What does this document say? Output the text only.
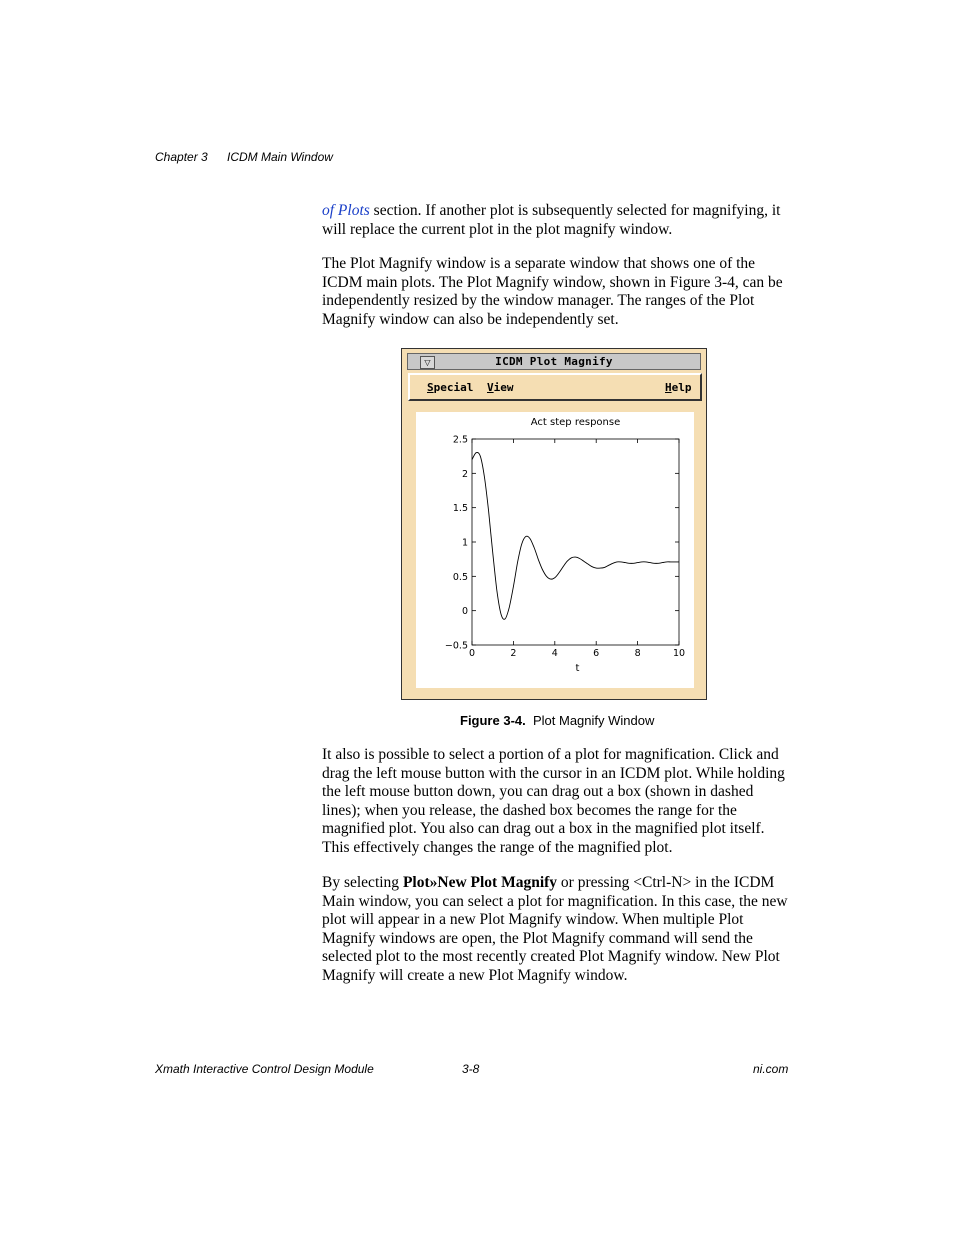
Chapter 3 ICDM Main Window
of Plots section. If another plot is subsequently selected for magnifying, it will replace the current plot in the plot magnify window.
The Plot Magnify window is a separate window that shows one of the ICDM main plots. The Plot Magnify window, shown in Figure 3-4, can be independently resized by the window manager. The ranges of the Plot Magnify window can also be independently set.
▽	ICDM Plot Magnify
Special View	Help
Act step response
0	2	4	6	8	10
2.5
2
1.5
1
0.5
0
−0.5
t
Figure 3-4. Plot Magnify Window
It also is possible to select a portion of a plot for magnification. Click and drag the left mouse button with the cursor in an ICDM plot. While holding the left mouse button down, you can drag out a box (shown in dashed lines); when you release, the dashed box becomes the range for the magnified plot. You also can drag out a box in the magnified plot itself. This effectively changes the range of the magnified plot.
By selecting Plot»New Plot Magnify or pressing <Ctrl-N> in the ICDM Main window, you can select a plot for magnification. In this case, the new plot will appear in a new Plot Magnify window. When multiple Plot Magnify windows are open, the Plot Magnify command will send the selected plot to the most recently created Plot Magnify window. New Plot Magnify will create a new Plot Magnify window.
Xmath Interactive Control Design Module	3-8	ni.com
